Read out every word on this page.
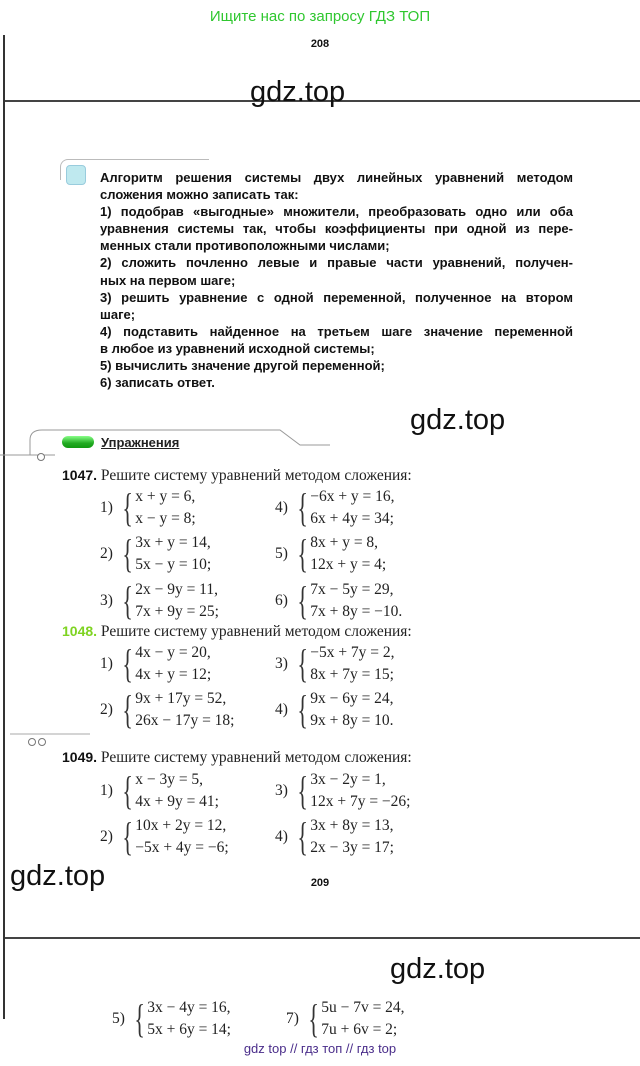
Ищите нас по запросу ГДЗ ТОП
208
209
gdz.top
gdz.top
gdz.top
gdz.top
Алгоритм решения системы двух линейных уравнений методом
сложения можно записать так:
1) подобрав «выгодные» множители, преобразовать одно или оба
уравнения системы так, чтобы коэффициенты при одной из пере-
менных стали противоположными числами;
2) сложить почленно левые и правые части уравнений, получен-
ных на первом шаге;
3) решить уравнение с одной переменной, полученное на втором
шаге;
4) подставить найденное на третьем шаге значение переменной
в любое из уравнений исходной системы;
5) вычислить значение другой переменной;
6) записать ответ.
Упражнения
1047. Решите систему уравнений методом сложения:
1) { x + y = 6,
x − y = 8;
4) { −6x + y = 16,
6x + 4y = 34;
2) { 3x + y = 14,
5x − y = 10;
5) { 8x + y = 8,
12x + y = 4;
3) { 2x − 9y = 11,
7x + 9y = 25;
6) { 7x − 5y = 29,
7x + 8y = −10.
1048. Решите систему уравнений методом сложения:
1) { 4x − y = 20,
4x + y = 12;
3) { −5x + 7y = 2,
8x + 7y = 15;
2) { 9x + 17y = 52,
26x − 17y = 18;
4) { 9x − 6y = 24,
9x + 8y = 10.
1049. Решите систему уравнений методом сложения:
1) { x − 3y = 5,
4x + 9y = 41;
3) { 3x − 2y = 1,
12x + 7y = −26;
2) { 10x + 2y = 12,
−5x + 4y = −6;
4) { 3x + 8y = 13,
2x − 3y = 17;
5) { 3x − 4y = 16,
5x + 6y = 14;
7) { 5u − 7v = 24,
7u + 6v = 2;
gdz top // гдз топ // гдз top
